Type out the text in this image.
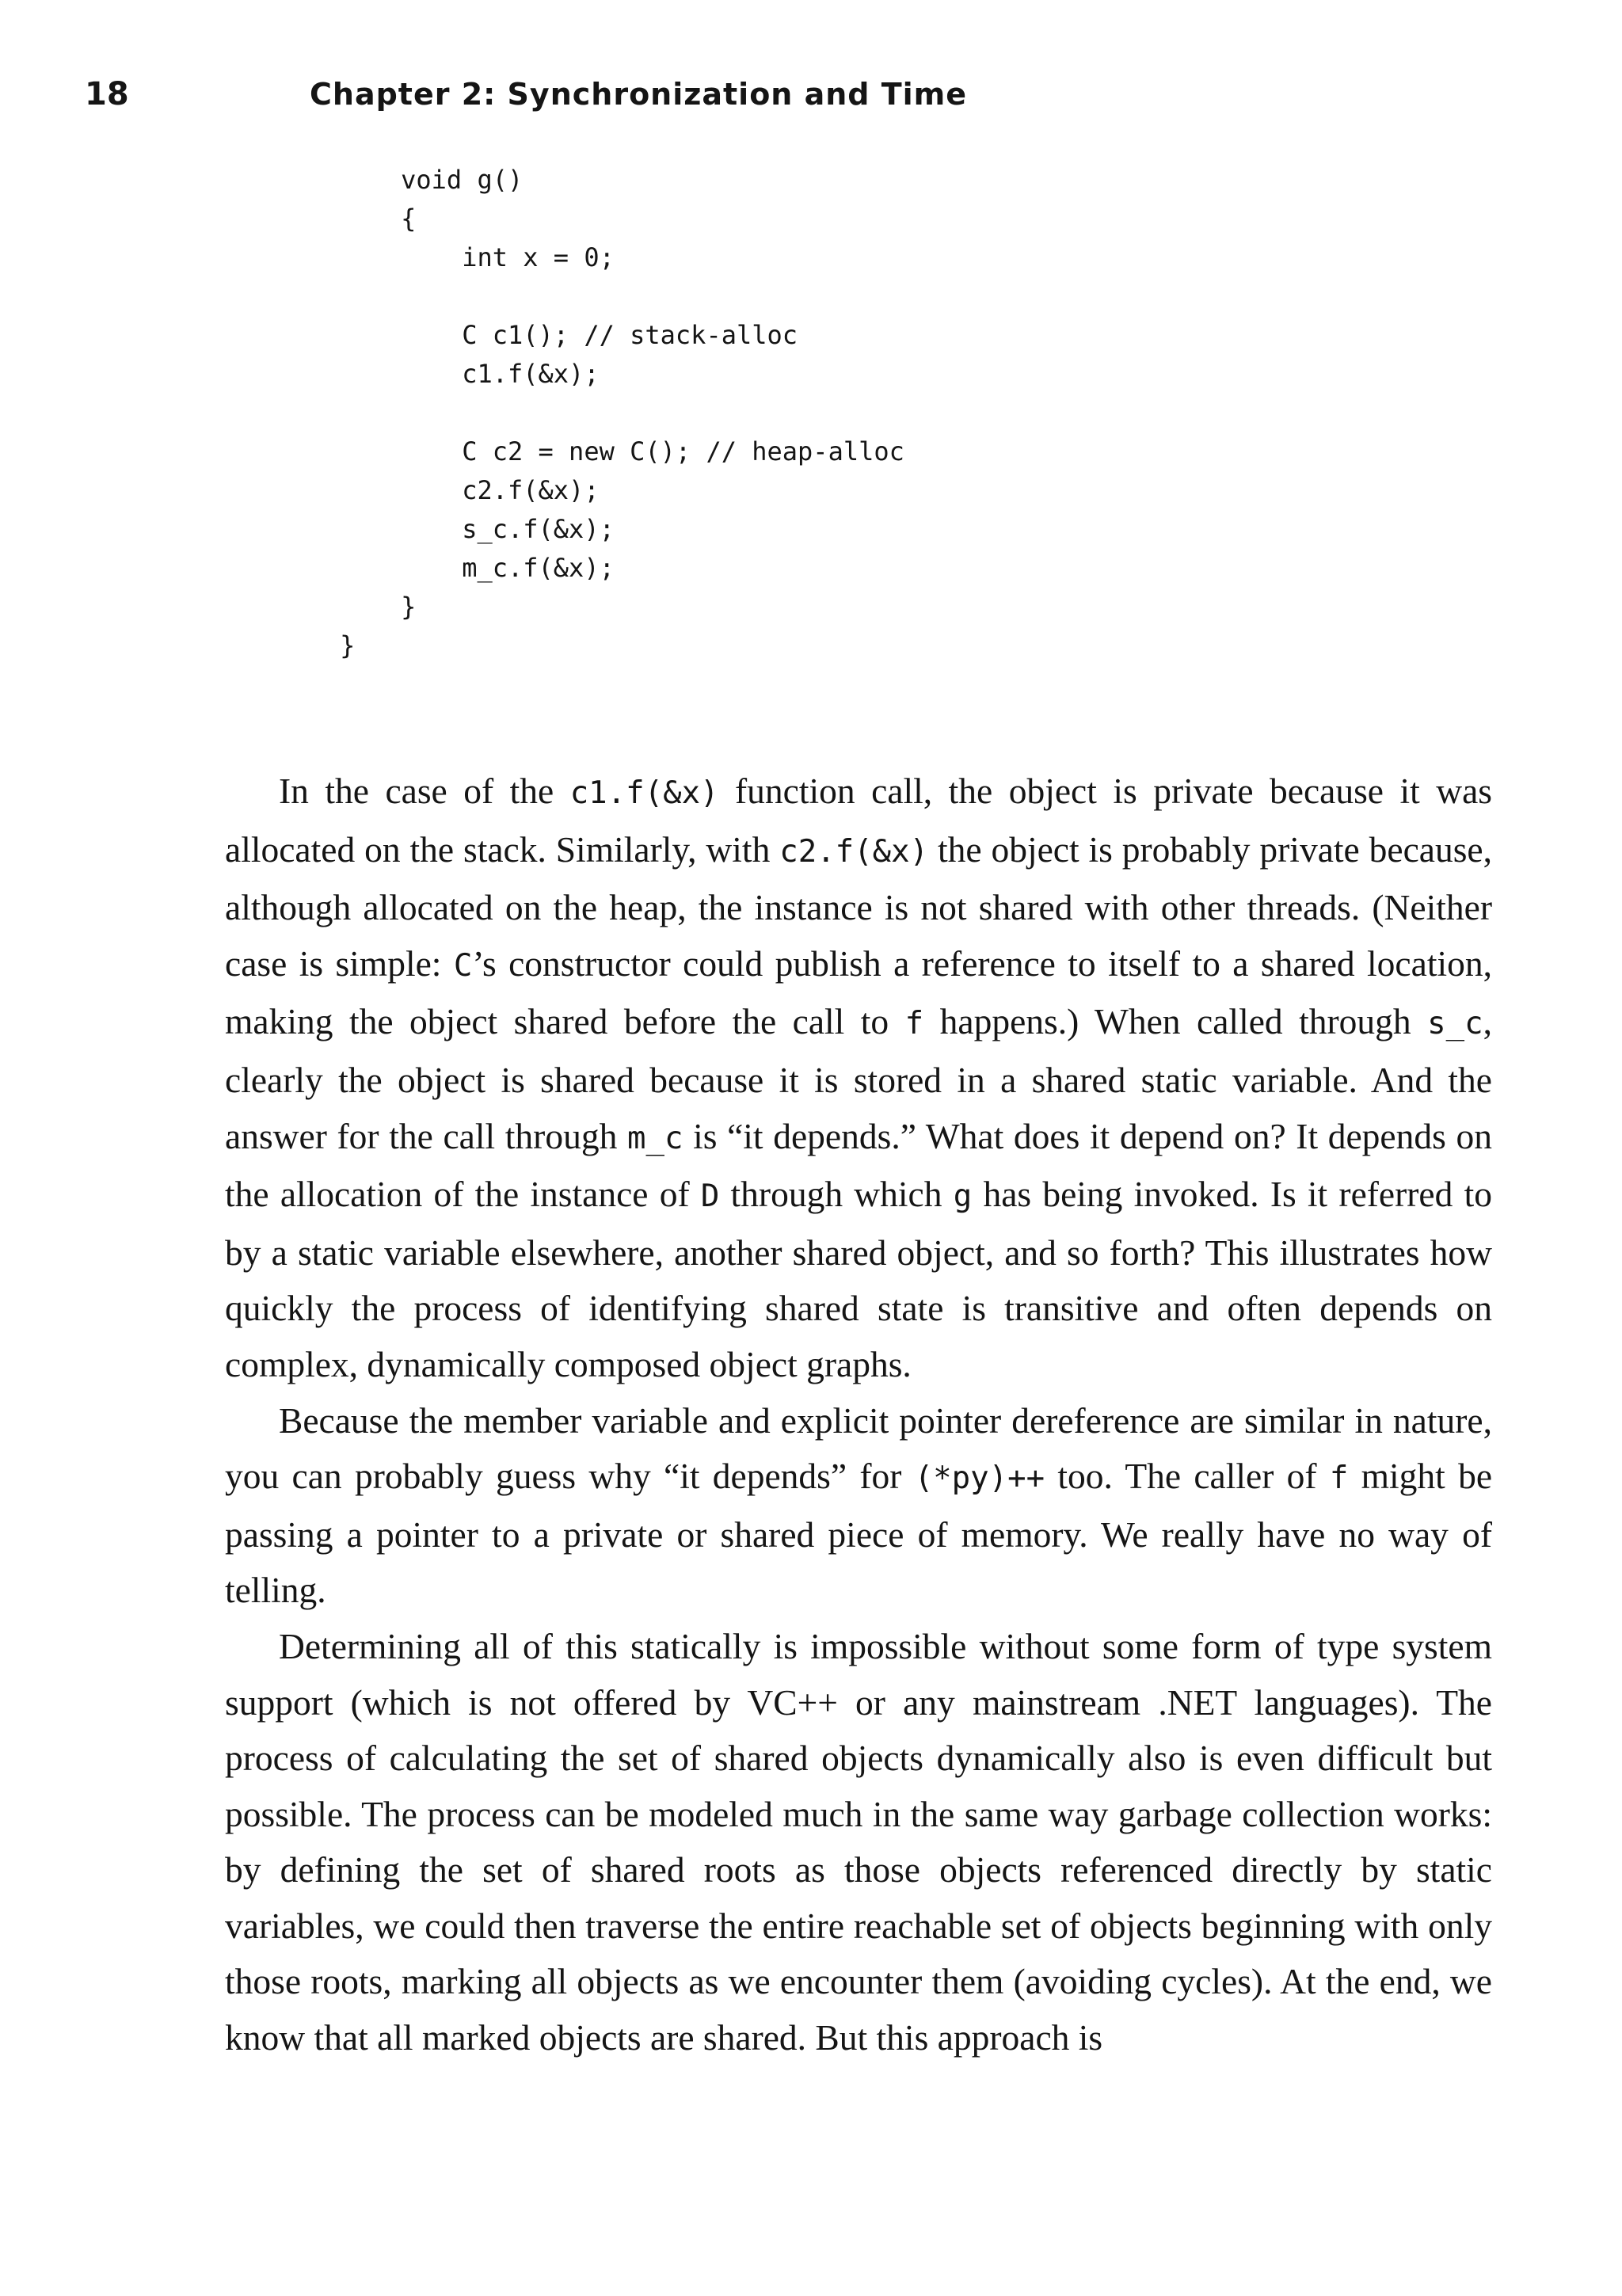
18	Chapter 2: Synchronization and Time
void g()
{
int x = 0;
C c1(); // stack-alloc
c1.f(&x);
C c2 = new C(); // heap-alloc
c2.f(&x);
s_c.f(&x);
m_c.f(&x);
}
}

In the case of the c1.f(&x) function call, the object is private because it was allocated on the stack. Similarly, with c2.f(&x) the object is probably private because, although allocated on the heap, the instance is not shared with other threads. (Neither case is simple: C’s constructor could publish a reference to itself to a shared location, making the object shared before the call to f happens.) When called through s_c, clearly the object is shared because it is stored in a shared static variable. And the answer for the call through m_c is “it depends.” What does it depend on? It depends on the allocation of the instance of D through which g has being invoked. Is it referred to by a static variable elsewhere, another shared object, and so forth? This illustrates how quickly the process of identifying shared state is transitive and often depends on complex, dynamically composed object graphs.

Because the member variable and explicit pointer dereference are similar in nature, you can probably guess why “it depends” for (*py)++ too. The caller of f might be passing a pointer to a private or shared piece of memory. We really have no way of telling.

Determining all of this statically is impossible without some form of type system support (which is not offered by VC++ or any mainstream .NET languages). The process of calculating the set of shared objects dynamically also is even difficult but possible. The process can be modeled much in the same way garbage collection works: by defining the set of shared roots as those objects referenced directly by static variables, we could then traverse the entire reachable set of objects beginning with only those roots, marking all objects as we encounter them (avoiding cycles). At the end, we know that all marked objects are shared. But this approach is
